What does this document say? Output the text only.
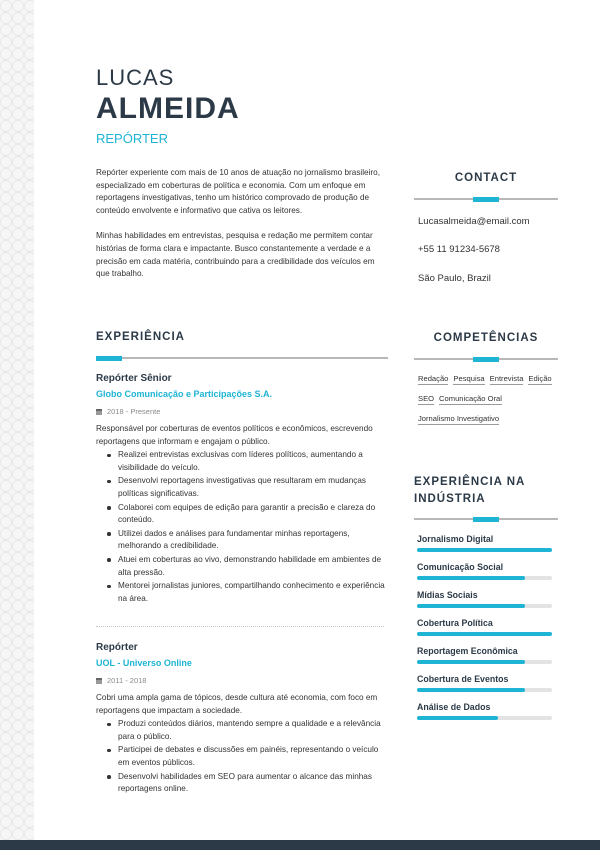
LUCAS
ALMEIDA
REPÓRTER

Repórter experiente com mais de 10 anos de atuação no jornalismo brasileiro, especializado em coberturas de política e economia. Com um enfoque em reportagens investigativas, tenho um histórico comprovado de produção de conteúdo envolvente e informativo que cativa os leitores.

Minhas habilidades em entrevistas, pesquisa e redação me permitem contar histórias de forma clara e impactante. Busco constantemente a verdade e a precisão em cada matéria, contribuindo para a credibilidade dos veículos em que trabalho.

EXPERIÊNCIA
Repórter Sênior
Globo Comunicação e Participações S.A.
2018 - Presente
Responsável por coberturas de eventos políticos e econômicos, escrevendo reportagens que informam e engajam o público.
Realizei entrevistas exclusivas com líderes políticos, aumentando a visibilidade do veículo.
Desenvolvi reportagens investigativas que resultaram em mudanças políticas significativas.
Colaborei com equipes de edição para garantir a precisão e clareza do conteúdo.
Utilizei dados e análises para fundamentar minhas reportagens, melhorando a credibilidade.
Atuei em coberturas ao vivo, demonstrando habilidade em ambientes de alta pressão.
Mentorei jornalistas juniores, compartilhando conhecimento e experiência na área.
Repórter
UOL - Universo Online
2011 - 2018
Cobri uma ampla gama de tópicos, desde cultura até economia, com foco em reportagens que impactam a sociedade.
Produzi conteúdos diários, mantendo sempre a qualidade e a relevância para o público.
Participei de debates e discussões em painéis, representando o veículo em eventos públicos.
Desenvolvi habilidades em SEO para aumentar o alcance das minhas reportagens online.
CONTACT
Lucasalmeida@email.com
+55 11 91234-5678
São Paulo, Brazil
COMPETÊNCIAS
Redação Pesquisa Entrevista Edição
SEO Comunicação Oral
Jornalismo Investigativo
EXPERIÊNCIA NA INDÚSTRIA
Jornalismo Digital
Comunicação Social
Mídias Sociais
Cobertura Política
Reportagem Econômica
Cobertura de Eventos
Análise de Dados
